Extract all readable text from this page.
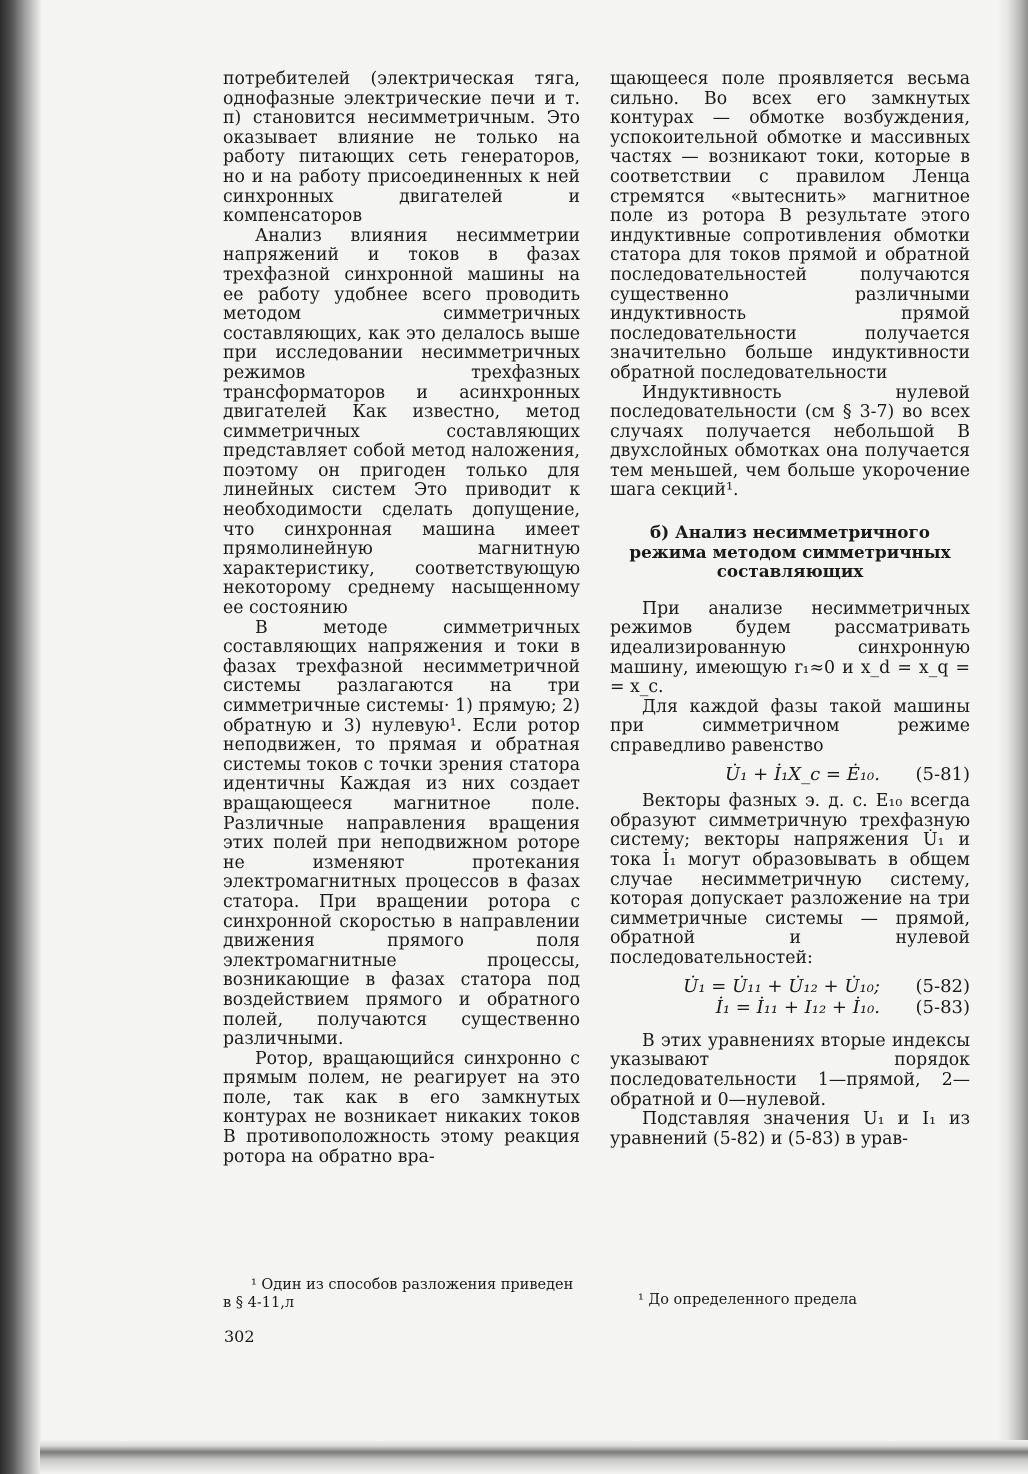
потребителей (электрическая тяга, однофазные электрические печи и т. п) становится несимметричным. Это оказывает влияние не только на работу питающих сеть генераторов, но и на работу присоединенных к ней синхронных двигателей и компенсаторов

Анализ влияния несимметрии напряжений и токов в фазах трехфазной синхронной машины на ее работу удобнее всего проводить методом симметричных составляющих, как это делалось выше при исследовании несимметричных режимов трехфазных трансформаторов и асинхронных двигателей Как известно, метод симметричных составляющих представляет собой метод наложения, поэтому он пригоден только для линейных систем Это приводит к необходимости сделать допущение, что синхронная машина имеет прямолинейную магнитную характеристику, соответствующую некоторому среднему насыщенному ее состоянию

В методе симметричных составляющих напряжения и токи в фазах трехфазной несимметричной системы разлагаются на три симметричные системы· 1) прямую; 2) обратную и 3) нулевую¹. Если ротор неподвижен, то прямая и обратная системы токов с точки зрения статора идентичны Каждая из них создает вращающееся магнитное поле. Различные направления вращения этих полей при неподвижном роторе не изменяют протекания электромагнитных процессов в фазах статора. При вращении ротора с синхронной скоростью в направлении движения прямого поля электромагнитные процессы, возникающие в фазах статора под воздействием прямого и обратного полей, получаются существенно различными.

Ротор, вращающийся синхронно с прямым полем, не реагирует на это поле, так как в его замкнутых контурах не возникает никаких токов В противоположность этому реакция ротора на обратно вра-

щающееся поле проявляется весьма сильно. Во всех его замкнутых контурах — обмотке возбуждения, успокоительной обмотке и массивных частях — возникают токи, которые в соответствии с правилом Ленца стремятся «вытеснить» магнитное поле из ротора В результате этого индуктивные сопротивления обмотки статора для токов прямой и обратной последовательностей получаются существенно различными индуктивность прямой последовательности получается значительно больше индуктивности обратной последовательности

Индуктивность нулевой последовательности (см § 3-7) во всех случаях получается небольшой В двухслойных обмотках она получается тем меньшей, чем больше укорочение шага секций¹.

б) Анализ несимметричного режима методом симметричных составляющих

При анализе несимметричных режимов будем рассматривать идеализированную синхронную машину, имеющую r₁≈0 и x_d = x_q = = x_c.

Для каждой фазы такой машины при симметричном режиме справедливо равенство

U̇₁ + İ₁X_c = Ė₁₀. (5-81)

Векторы фазных э. д. с. E₁₀ всегда образуют симметричную трехфазную систему; векторы напряжения U̇₁ и тока İ₁ могут образовывать в общем случае несимметричную систему, которая допускает разложение на три симметричные системы — прямой, обратной и нулевой последовательностей:

U̇₁ = U̇₁₁ + U̇₁₂ + U̇₁₀; (5-82)
İ₁ = İ₁₁ + I₁₂ + İ₁₀. (5-83)

В этих уравнениях вторые индексы указывают порядок последовательности 1—прямой, 2—обратной и 0—нулевой.

Подставляя значения U₁ и I₁ из уравнений (5-82) и (5-83) в урав-

¹ Один из способов разложения приведен в § 4-11,л	¹ До определенного предела
302
